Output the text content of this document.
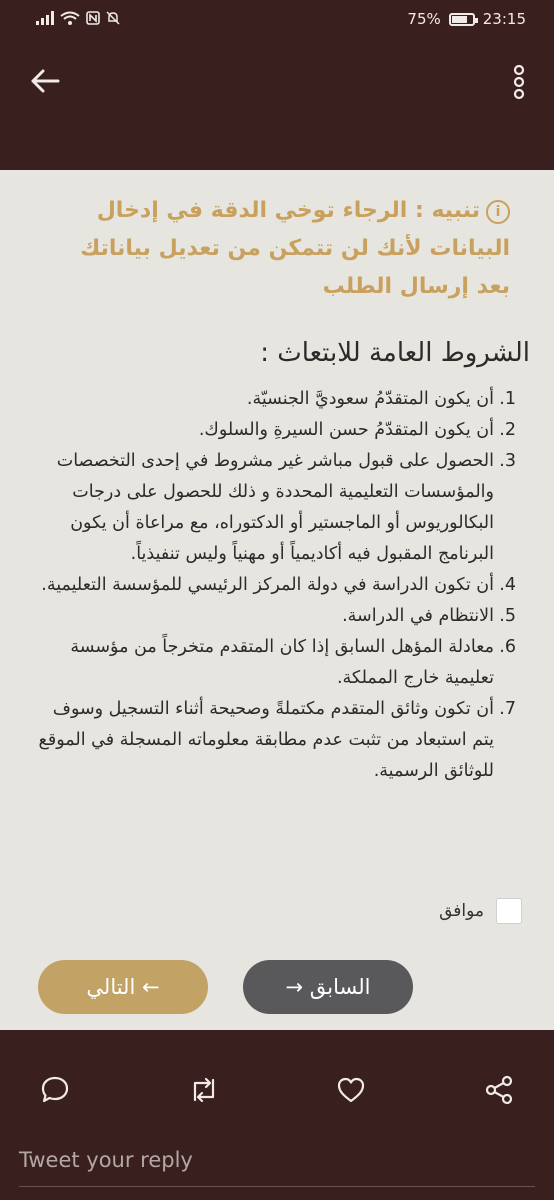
75%	23:15
iتنبيه : الرجاء توخي الدقة في إدخال البيانات لأنك لن تتمكن من تعديل بياناتك بعد إرسال الطلب
الشروط العامة للابتعاث :
1.
أن يكون المتقدّمُ سعوديَّ الجنسيّة.
2.
أن يكون المتقدّمُ حسن السيرةِ والسلوك.
3.
الحصول على قبول مباشر غير مشروط في إحدى التخصصات والمؤسسات التعليمية المحددة و ذلك للحصول على درجات البكالوريوس أو الماجستير أو الدكتوراه، مع مراعاة أن يكون البرنامج المقبول فيه أكاديمياً أو مهنياً وليس تنفيذياً.
4.
أن تكون الدراسة في دولة المركز الرئيسي للمؤسسة التعليمية.
5.
الانتظام في الدراسة.
6.
معادلة المؤهل السابق إذا كان المتقدم متخرجاً من مؤسسة تعليمية خارج المملكة.
7.
أن تكون وثائق المتقدم مكتملةً وصحيحة أثناء التسجيل وسوف يتم استبعاد من تثبت عدم مطابقة معلوماته المسجلة في الموقع للوثائق الرسمية.
موافق
التالي ←	→ السابق
Tweet your reply
